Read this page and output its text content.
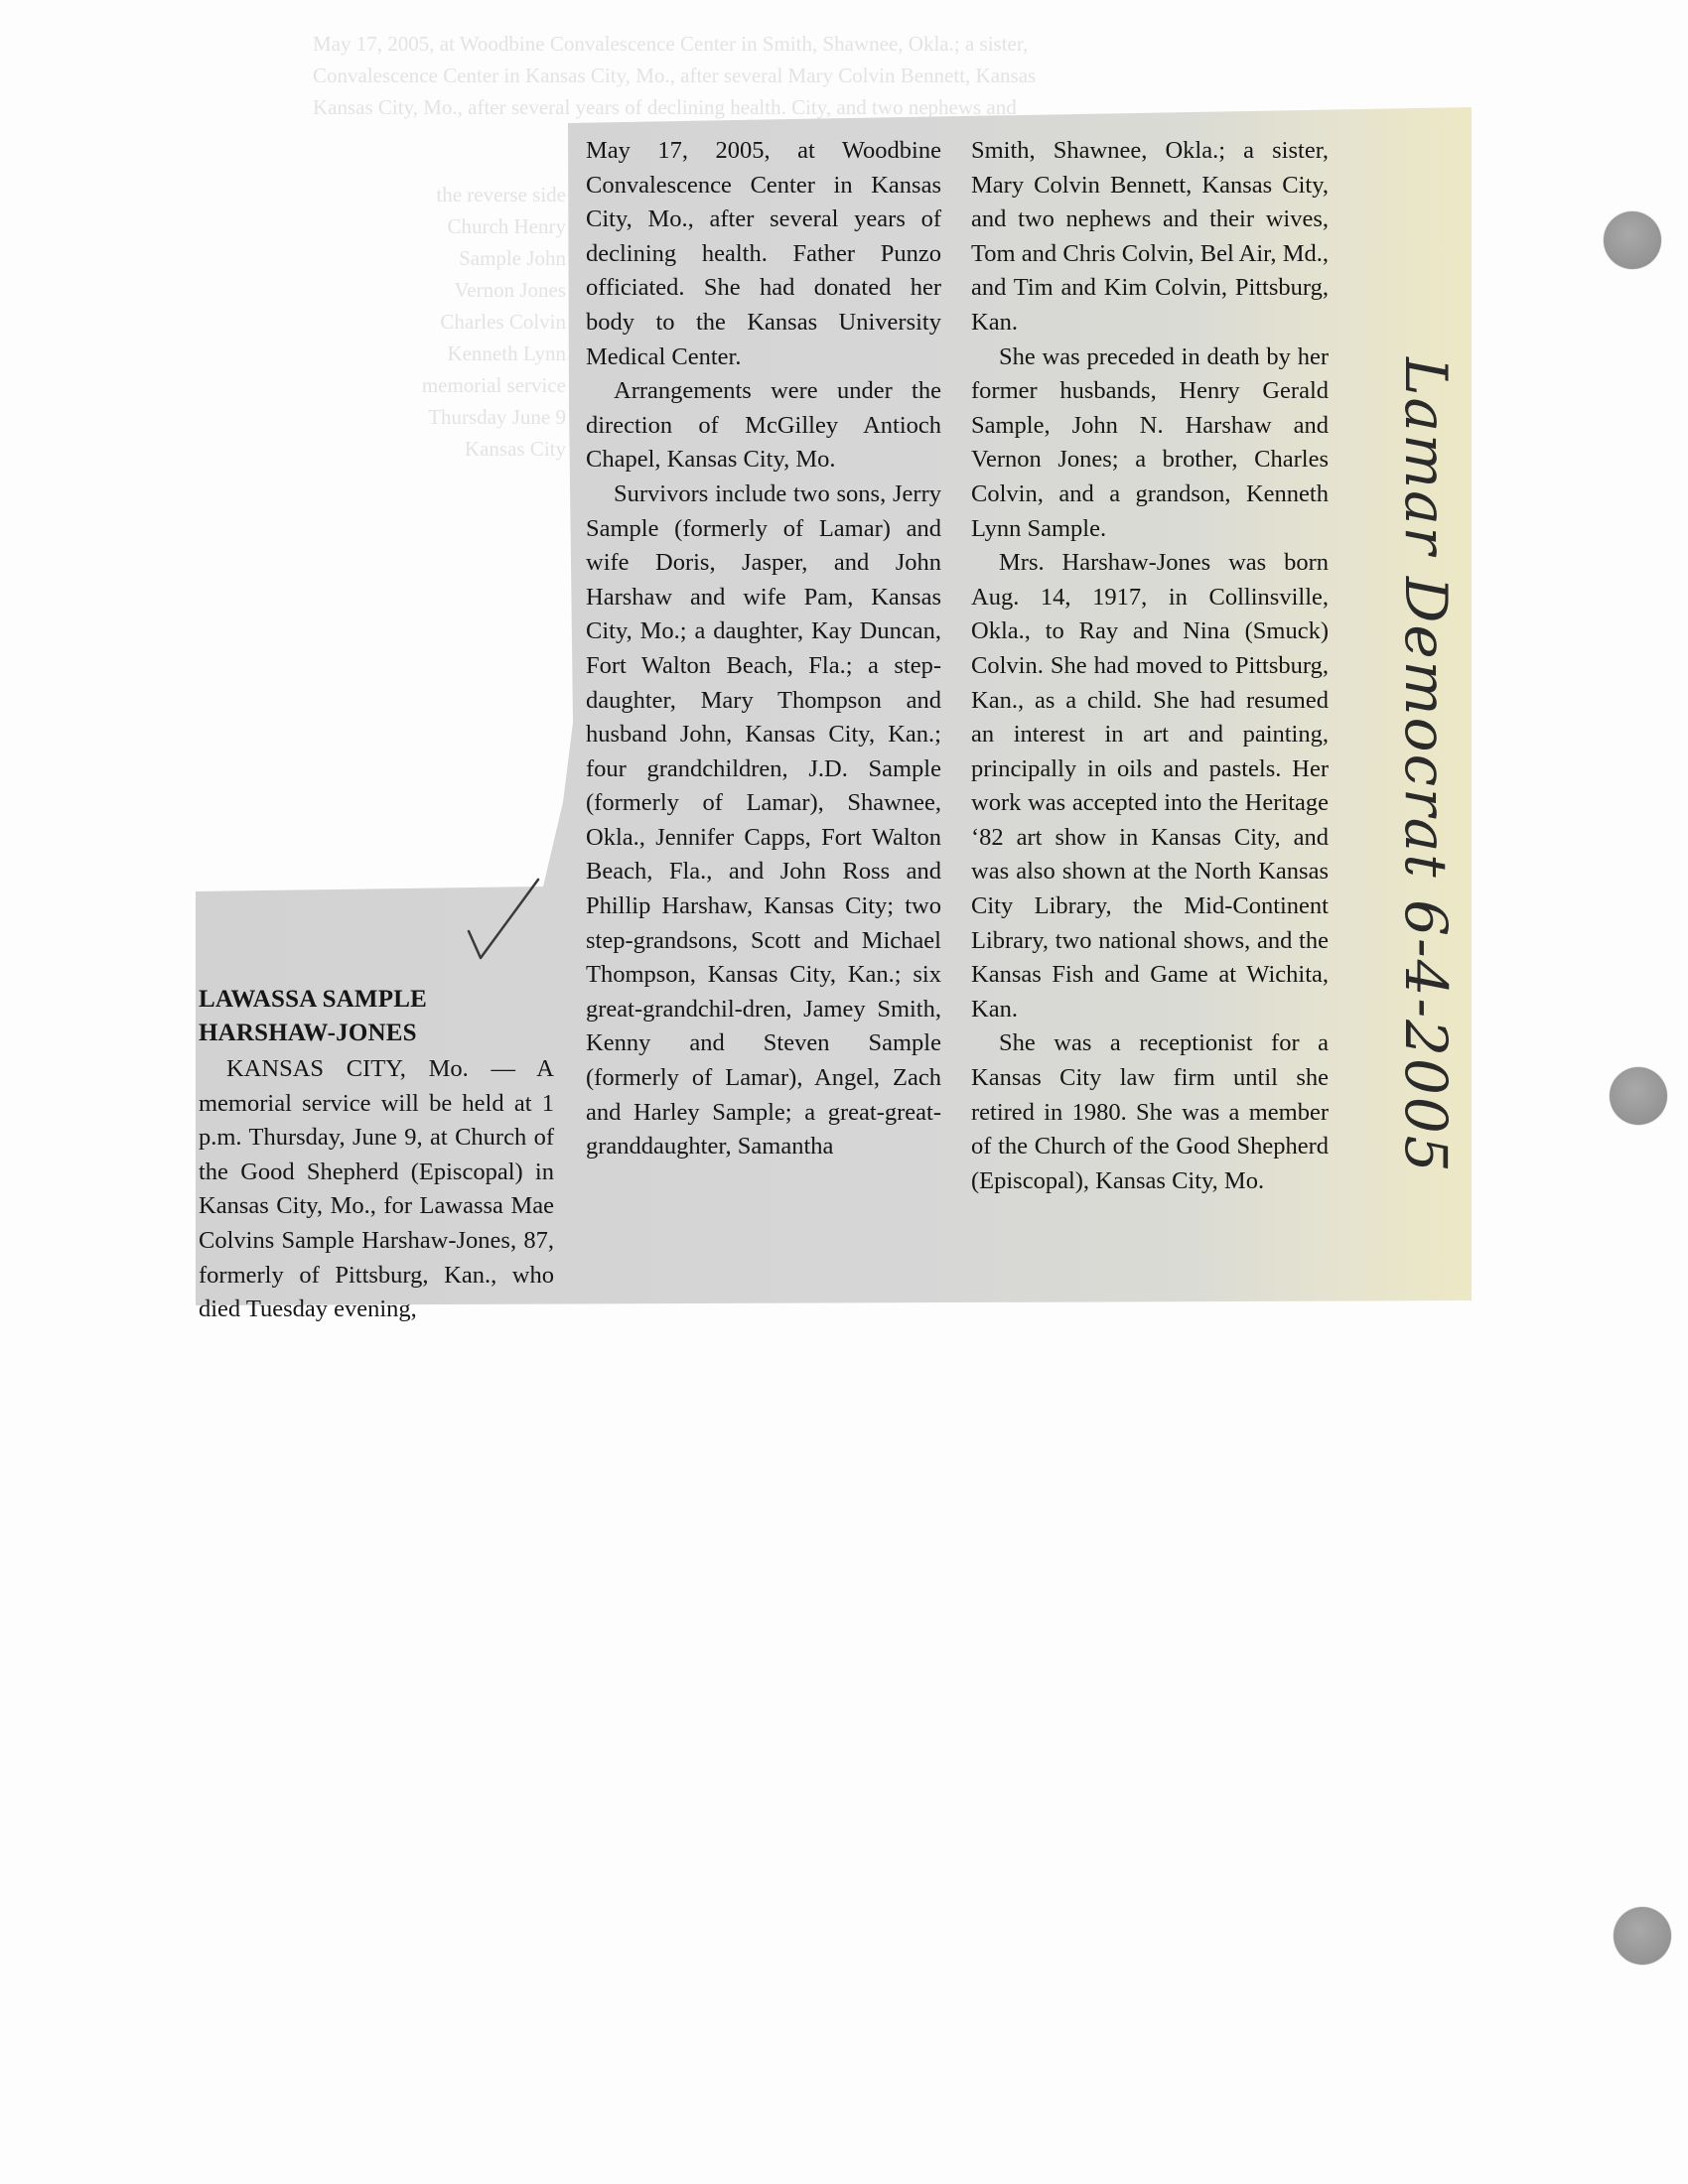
May 17, 2005, at Woodbine Convalescence Center in Smith, Shawnee, Okla.; a sister,
Convalescence Center in Kansas City, Mo., after several Mary Colvin Bennett, Kansas
Kansas City, Mo., after several years of declining health. City, and two nephews and
the reverse side
Church Henry
Sample John
Vernon Jones
Charles Colvin
Kenneth Lynn
memorial service
Thursday June 9
Kansas City
LAWASSA SAMPLE
HARSHAW-JONES

KANSAS CITY, Mo. — A memorial service will be held at 1 p.m. Thursday, June 9, at Church of the Good Shepherd (Episcopal) in Kansas City, Mo., for Lawassa Mae Colvins Sample Harshaw-Jones, 87, formerly of Pittsburg, Kan., who died Tuesday evening,

May 17, 2005, at Woodbine Convalescence Center in Kansas City, Mo., after several years of declining health. Father Punzo officiated. She had donated her body to the Kansas University Medical Center.

Arrangements were under the direction of McGilley Antioch Chapel, Kansas City, Mo.

Survivors include two sons, Jerry Sample (formerly of Lamar) and wife Doris, Jasper, and John Harshaw and wife Pam, Kansas City, Mo.; a daughter, Kay Duncan, Fort Walton Beach, Fla.; a step-daughter, Mary Thompson and husband John, Kansas City, Kan.; four grandchildren, J.D. Sample (formerly of Lamar), Shawnee, Okla., Jennifer Capps, Fort Walton Beach, Fla., and John Ross and Phillip Harshaw, Kansas City; two step-grandsons, Scott and Michael Thompson, Kansas City, Kan.; six great-grandchil-dren, Jamey Smith, Kenny and Steven Sample (formerly of Lamar), Angel, Zach and Harley Sample; a great-great-granddaughter, Samantha

Smith, Shawnee, Okla.; a sister, Mary Colvin Bennett, Kansas City, and two nephews and their wives, Tom and Chris Colvin, Bel Air, Md., and Tim and Kim Colvin, Pittsburg, Kan.

She was preceded in death by her former husbands, Henry Gerald Sample, John N. Harshaw and Vernon Jones; a brother, Charles Colvin, and a grandson, Kenneth Lynn Sample.

Mrs. Harshaw-Jones was born Aug. 14, 1917, in Collinsville, Okla., to Ray and Nina (Smuck) Colvin. She had moved to Pittsburg, Kan., as a child. She had resumed an interest in art and painting, principally in oils and pastels. Her work was accepted into the Heritage ‘82 art show in Kansas City, and was also shown at the North Kansas City Library, the Mid-Continent Library, two national shows, and the Kansas Fish and Game at Wichita, Kan.

She was a receptionist for a Kansas City law firm until she retired in 1980. She was a member of the Church of the Good Shepherd (Episcopal), Kansas City, Mo.

Lamar Democrat 6-4-2005
